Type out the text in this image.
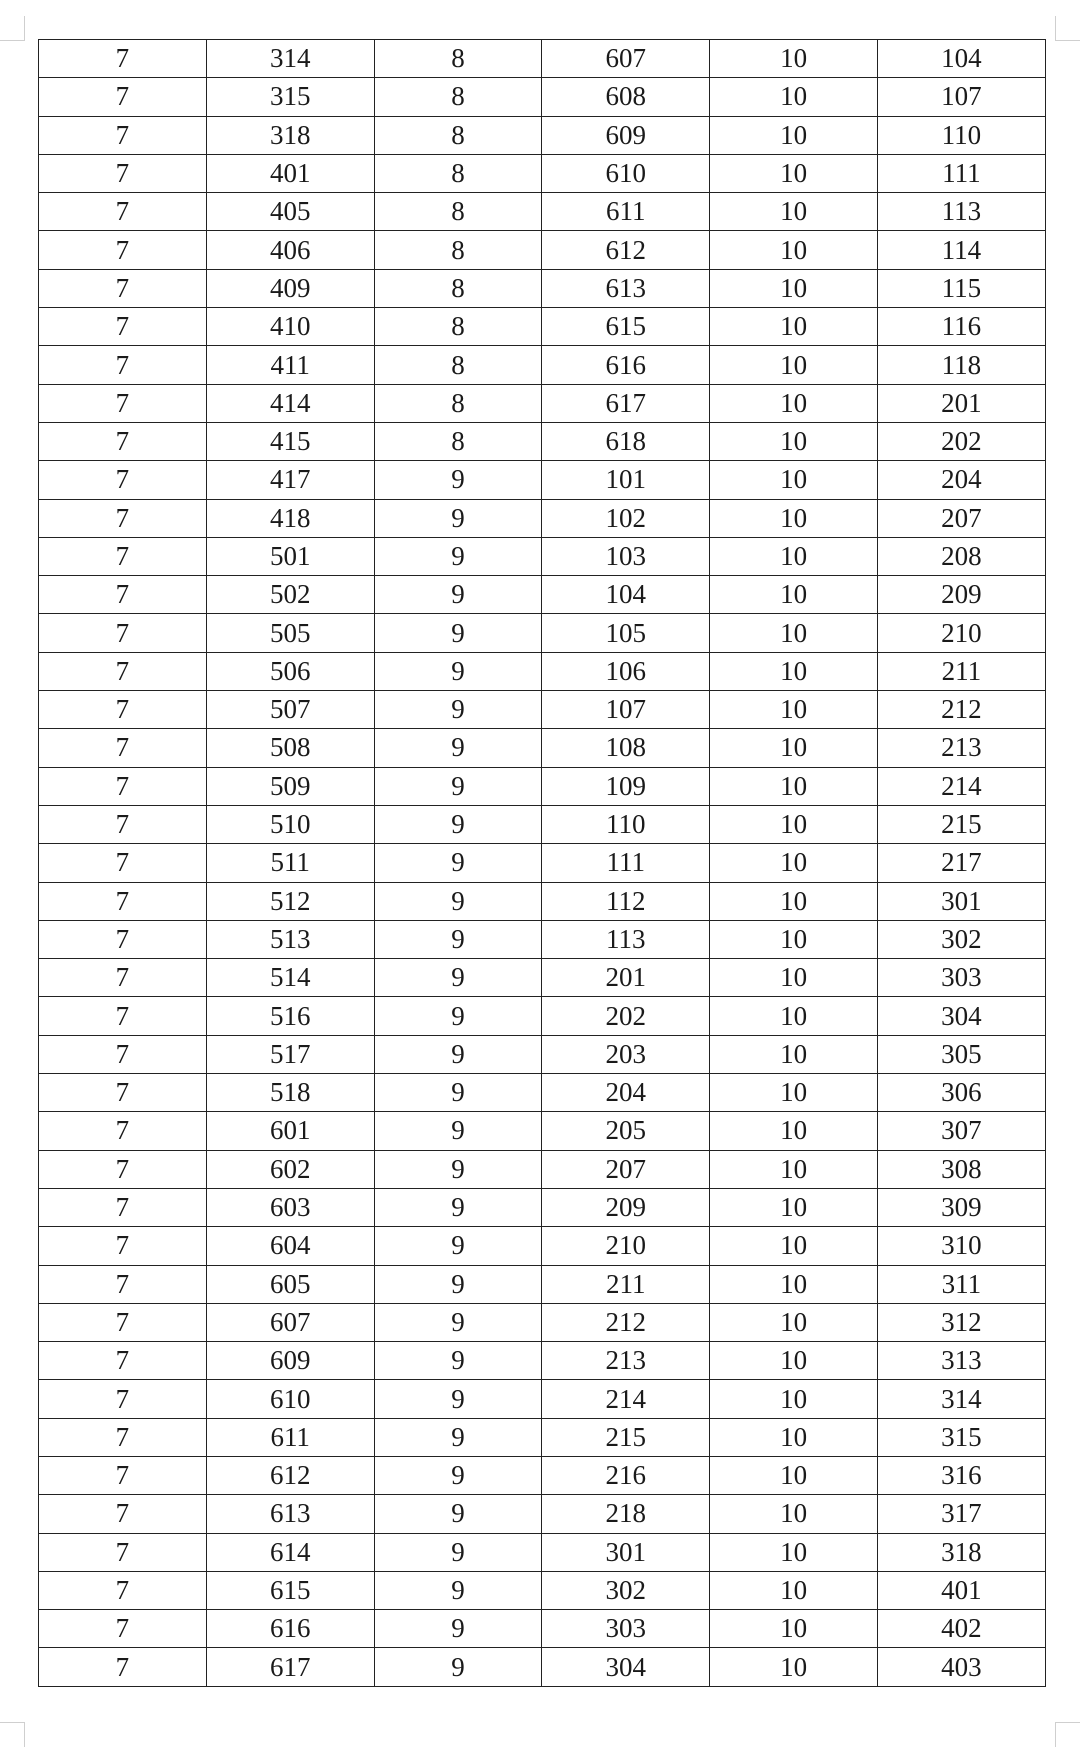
7	314	8	607	10	104
7	315	8	608	10	107
7	318	8	609	10	110
7	401	8	610	10	111
7	405	8	611	10	113
7	406	8	612	10	114
7	409	8	613	10	115
7	410	8	615	10	116
7	411	8	616	10	118
7	414	8	617	10	201
7	415	8	618	10	202
7	417	9	101	10	204
7	418	9	102	10	207
7	501	9	103	10	208
7	502	9	104	10	209
7	505	9	105	10	210
7	506	9	106	10	211
7	507	9	107	10	212
7	508	9	108	10	213
7	509	9	109	10	214
7	510	9	110	10	215
7	511	9	111	10	217
7	512	9	112	10	301
7	513	9	113	10	302
7	514	9	201	10	303
7	516	9	202	10	304
7	517	9	203	10	305
7	518	9	204	10	306
7	601	9	205	10	307
7	602	9	207	10	308
7	603	9	209	10	309
7	604	9	210	10	310
7	605	9	211	10	311
7	607	9	212	10	312
7	609	9	213	10	313
7	610	9	214	10	314
7	611	9	215	10	315
7	612	9	216	10	316
7	613	9	218	10	317
7	614	9	301	10	318
7	615	9	302	10	401
7	616	9	303	10	402
7	617	9	304	10	403
